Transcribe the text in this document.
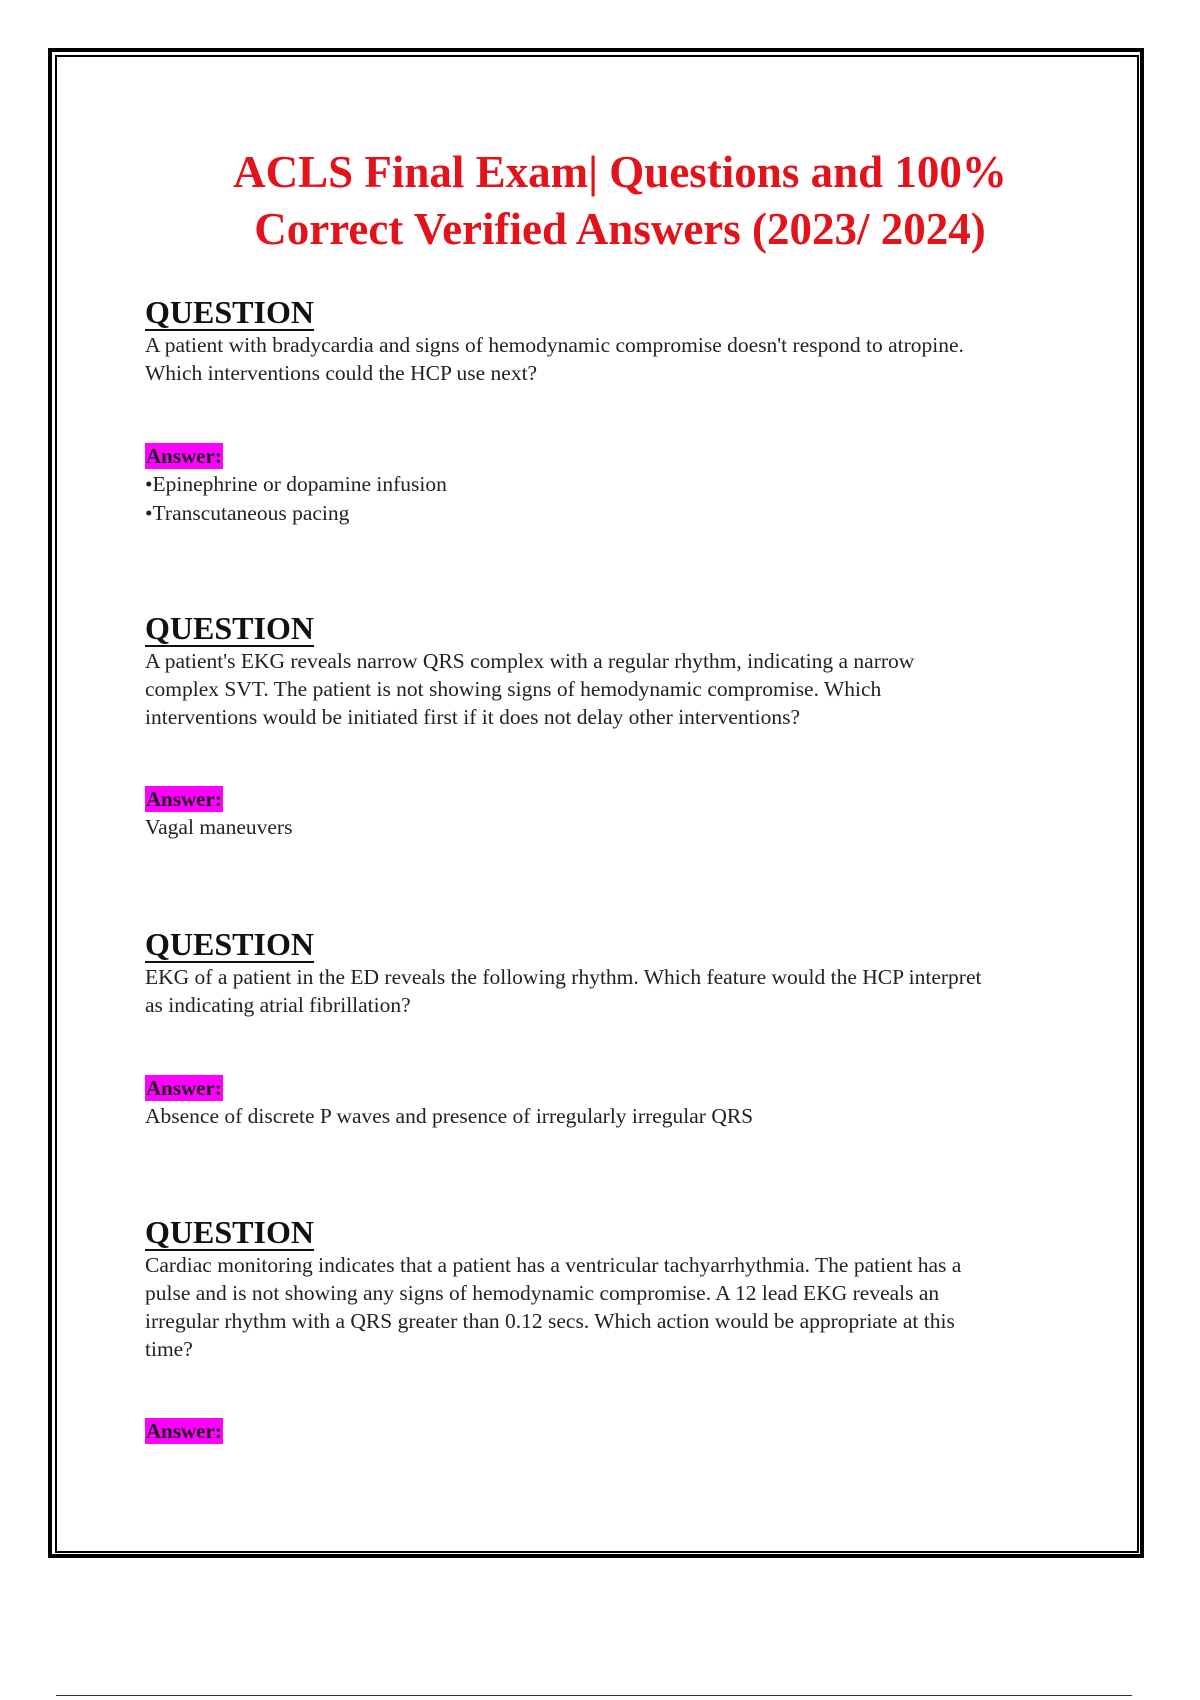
ACLS Final Exam| Questions and 100%
Correct Verified Answers (2023/ 2024)
QUESTION
A patient with bradycardia and signs of hemodynamic compromise doesn't respond to atropine.
Which interventions could the HCP use next?
Answer:
•Epinephrine or dopamine infusion
•Transcutaneous pacing
QUESTION
A patient's EKG reveals narrow QRS complex with a regular rhythm, indicating a narrow
complex SVT. The patient is not showing signs of hemodynamic compromise. Which
interventions would be initiated first if it does not delay other interventions?
Answer:
Vagal maneuvers
QUESTION
EKG of a patient in the ED reveals the following rhythm. Which feature would the HCP interpret
as indicating atrial fibrillation?
Answer:
Absence of discrete P waves and presence of irregularly irregular QRS
QUESTION
Cardiac monitoring indicates that a patient has a ventricular tachyarrhythmia. The patient has a
pulse and is not showing any signs of hemodynamic compromise. A 12 lead EKG reveals an
irregular rhythm with a QRS greater than 0.12 secs. Which action would be appropriate at this
time?
Answer:
